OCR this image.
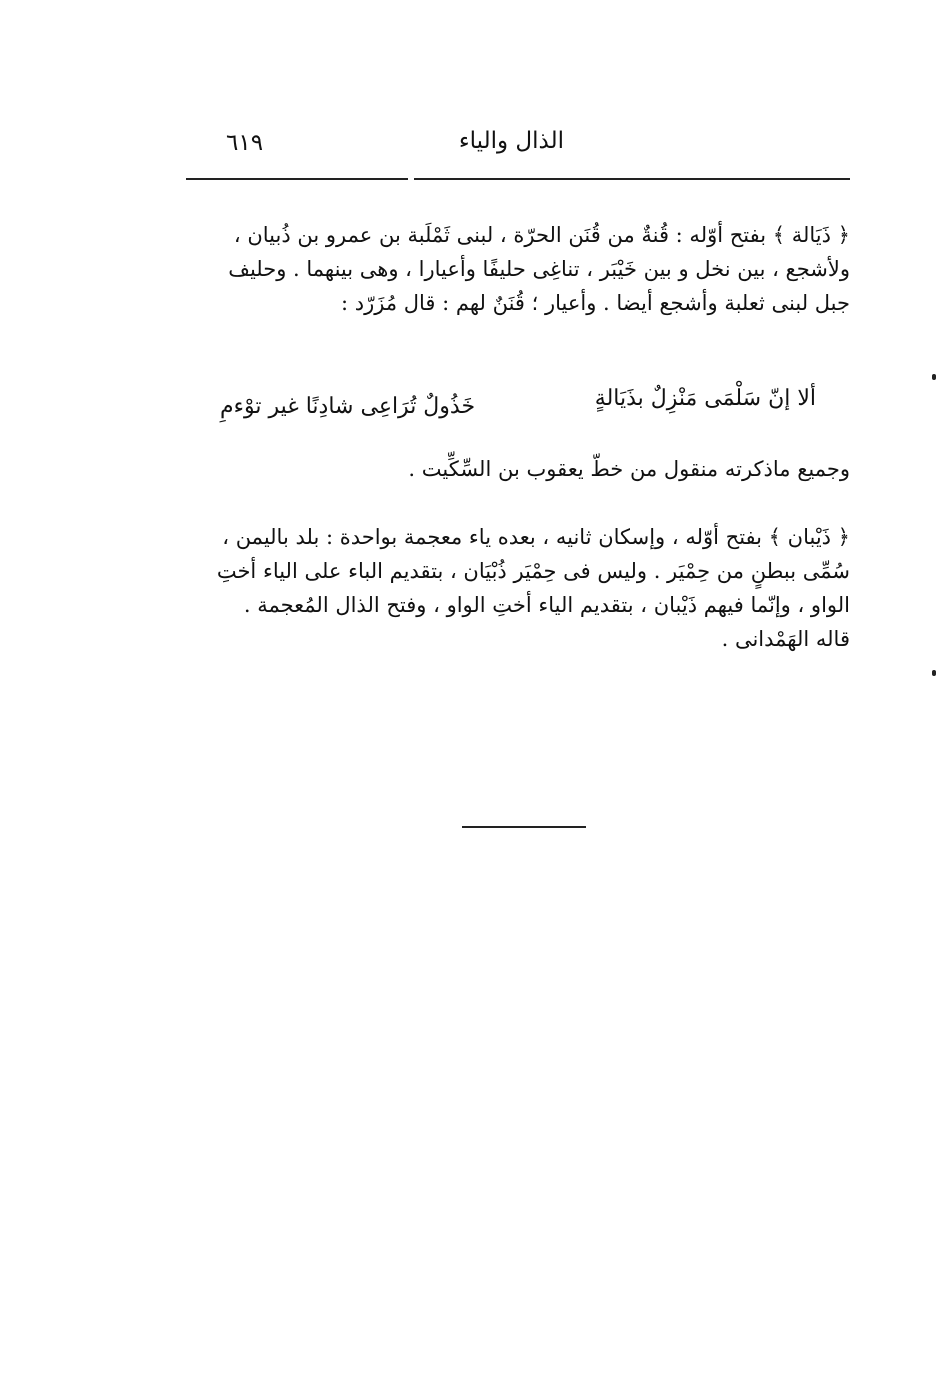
الذال والياء
٦١٩
﴿ ذَيَالة ﴾ بفتح أوّله : قُنةٌ من قُنَن الحرّة ، لبنى ثَمْلَبة بن عمرو بن ذُبيان ،
ولأشجع ، بين نخل و بين خَيْبَر ، تناغِى حليفًا وأعيارا ، وهى بينهما . وحليف
جبل لبنى ثعلبة وأشجع أيضا . وأعيار ؛ قُنَنٌ لهم : قال مُزَرّد :
ألا إنّ سَلْمَى مَنْزِلٌ بذَيَالةٍ
خَذُولٌ تُرَاعِى شادِنًا غير توْءمِ
وجميع ماذكرته منقول من خطّ يعقوب بن السِّكِّيت .
﴿ ذَيْبان ﴾ بفتح أوّله ، وإسكان ثانيه ، بعده ياء معجمة بواحدة : بلد باليمن ،
سُمِّى ببطنٍ من حِمْيَر . وليس فى حِمْيَر ذُبْيَان ، بتقديم الباء على الياء أختِ
الواو ، وإنّما فيهم ذَيْبان ، بتقديم الياء أختِ الواو ، وفتح الذال المُعجمة .
قاله الهَمْدانى .
